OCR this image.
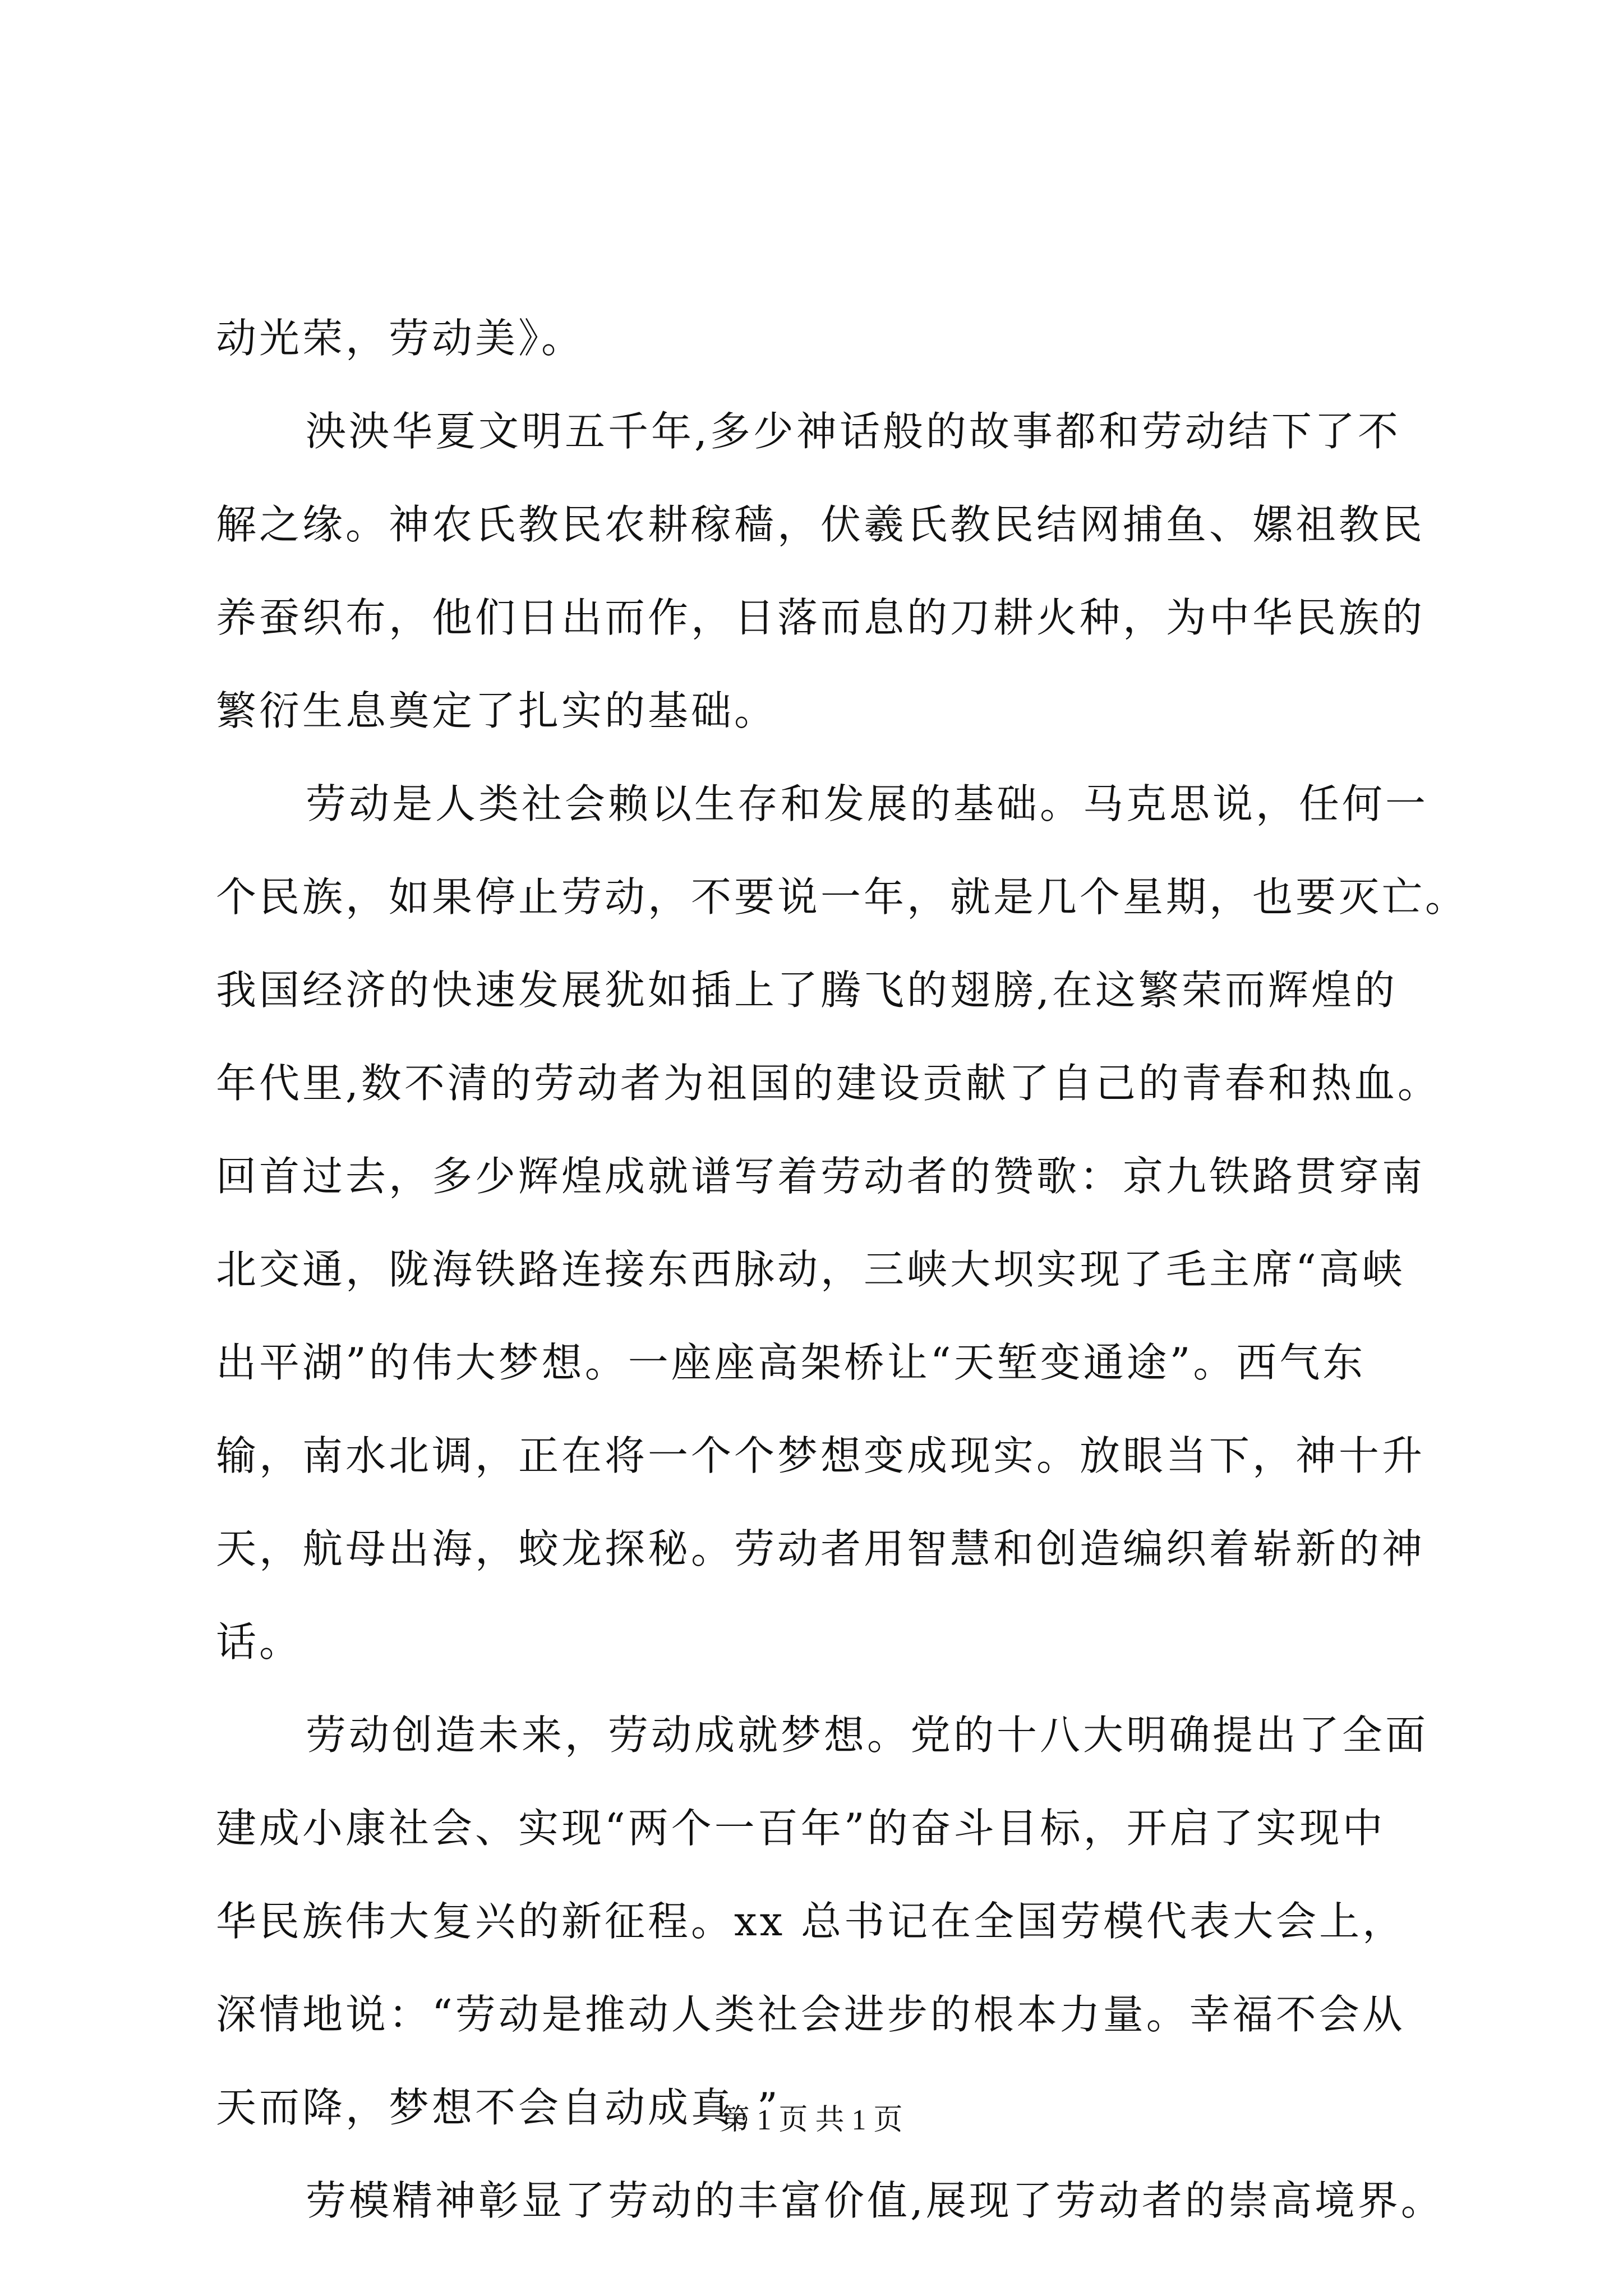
动光荣，劳动美》。
泱泱华夏文明五千年,多少神话般的故事都和劳动结下了不
解之缘。神农氏教民农耕稼穑，伏羲氏教民结网捕鱼、嫘祖教民
养蚕织布，他们日出而作，日落而息的刀耕火种，为中华民族的
繁衍生息奠定了扎实的基础。
劳动是人类社会赖以生存和发展的基础。马克思说，任何一
个民族，如果停止劳动，不要说一年，就是几个星期，也要灭亡。
我国经济的快速发展犹如插上了腾飞的翅膀,在这繁荣而辉煌的
年代里,数不清的劳动者为祖国的建设贡献了自己的青春和热血。
回首过去，多少辉煌成就谱写着劳动者的赞歌：京九铁路贯穿南
北交通，陇海铁路连接东西脉动，三峡大坝实现了毛主席“高峡
出平湖”的伟大梦想。一座座高架桥让“天堑变通途”。西气东
输，南水北调，正在将一个个梦想变成现实。放眼当下，神十升
天，航母出海，蛟龙探秘。劳动者用智慧和创造编织着崭新的神
话。
劳动创造未来，劳动成就梦想。党的十八大明确提出了全面
建成小康社会、实现“两个一百年”的奋斗目标，开启了实现中
华民族伟大复兴的新征程。xx 总书记在全国劳模代表大会上，
深情地说：“劳动是推动人类社会进步的根本力量。幸福不会从
天而降，梦想不会自动成真。”
劳模精神彰显了劳动的丰富价值,展现了劳动者的崇高境界。
第 1 页 共 1 页
